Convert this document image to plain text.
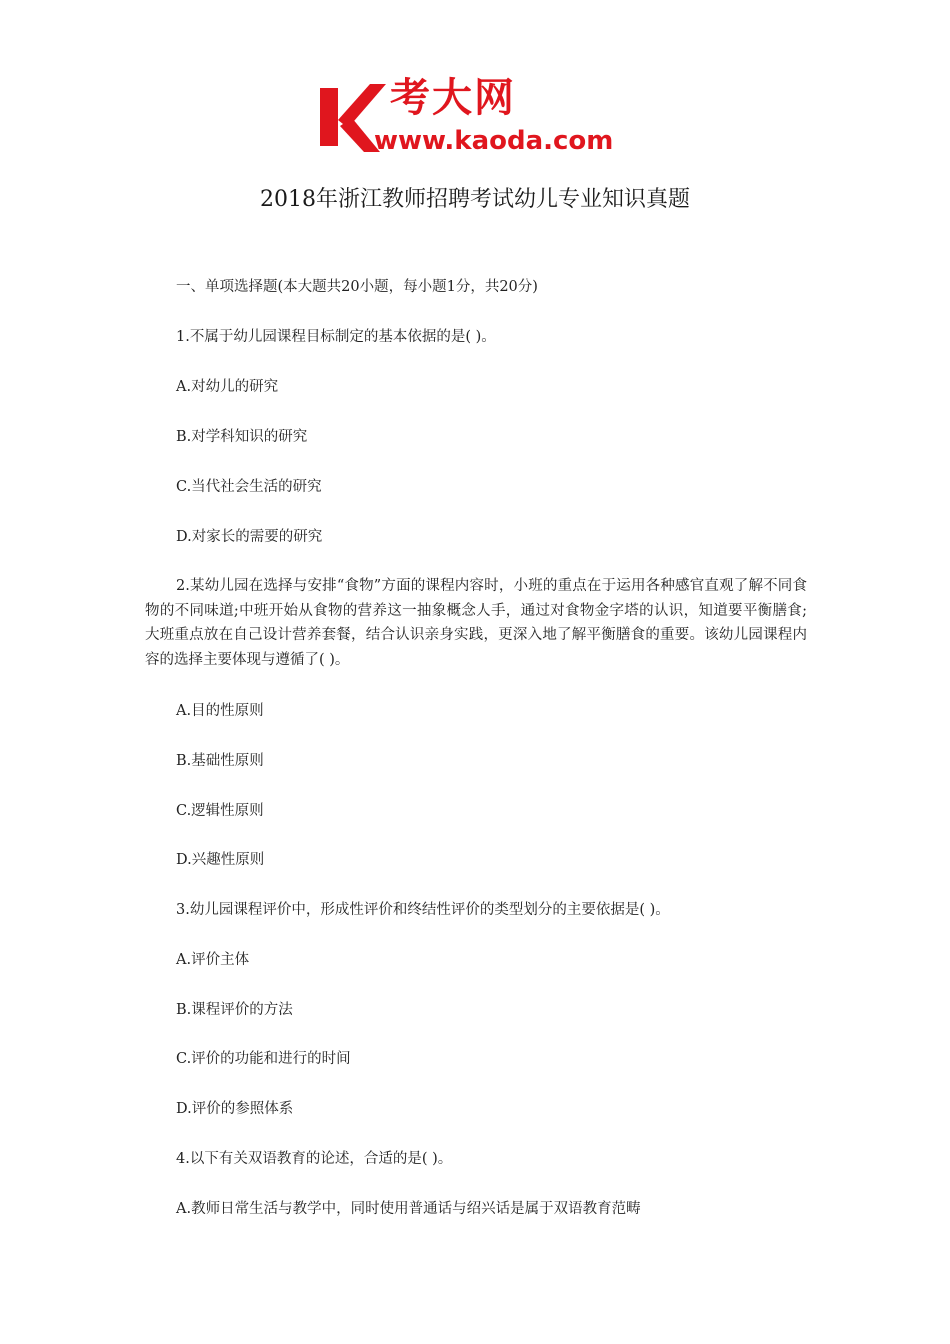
考大网
www.kaoda.com
2018年浙江教师招聘考试幼儿专业知识真题
一、单项选择题(本大题共20小题，每小题1分，共20分)
1.不属于幼儿园课程目标制定的基本依据的是( )。
A.对幼儿的研究
B.对学科知识的研究
C.当代社会生活的研究
D.对家长的需要的研究
2.某幼儿园在选择与安排“食物”方面的课程内容时，小班的重点在于运用各种感官直观了解不同食物的不同味道;中班开始从食物的营养这一抽象概念人手，通过对食物金字塔的认识，知道要平衡膳食;大班重点放在自己设计营养套餐，结合认识亲身实践，更深入地了解平衡膳食的重要。该幼儿园课程内容的选择主要体现与遵循了( )。
A.目的性原则
B.基础性原则
C.逻辑性原则
D.兴趣性原则
3.幼儿园课程评价中，形成性评价和终结性评价的类型划分的主要依据是( )。
A.评价主体
B.课程评价的方法
C.评价的功能和进行的时间
D.评价的参照体系
4.以下有关双语教育的论述，合适的是( )。
A.教师日常生活与教学中，同时使用普通话与绍兴话是属于双语教育范畴
